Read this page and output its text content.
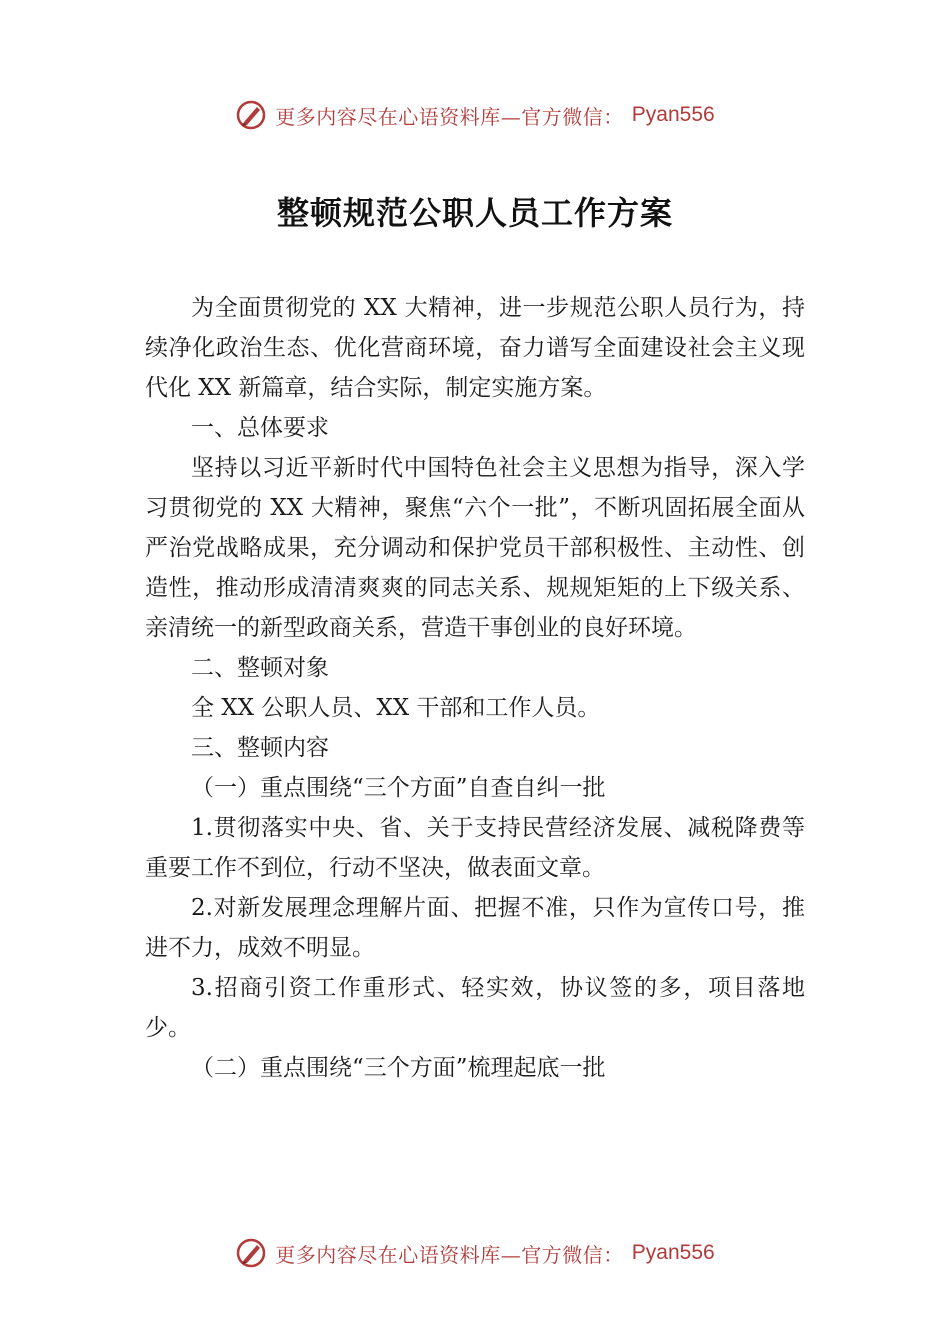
更多内容尽在心语资料库—官方微信： Pyan556
整顿规范公职人员工作方案

为全面贯彻党的 XX 大精神，进一步规范公职人员行为，持续净化政治生态、优化营商环境，奋力谱写全面建设社会主义现代化 XX 新篇章，结合实际，制定实施方案。

一、总体要求

坚持以习近平新时代中国特色社会主义思想为指导，深入学习贯彻党的 XX 大精神，聚焦“六个一批”，不断巩固拓展全面从严治党战略成果，充分调动和保护党员干部积极性、主动性、创造性，推动形成清清爽爽的同志关系、规规矩矩的上下级关系、亲清统一的新型政商关系，营造干事创业的良好环境。

二、整顿对象

全 XX 公职人员、XX 干部和工作人员。

三、整顿内容

（一）重点围绕“三个方面”自查自纠一批

1.贯彻落实中央、省、关于支持民营经济发展、减税降费等重要工作不到位，行动不坚决，做表面文章。

2.对新发展理念理解片面、把握不准，只作为宣传口号，推进不力，成效不明显。

3.招商引资工作重形式、轻实效，协议签的多，项目落地少。

（二）重点围绕“三个方面”梳理起底一批

更多内容尽在心语资料库—官方微信： Pyan556
